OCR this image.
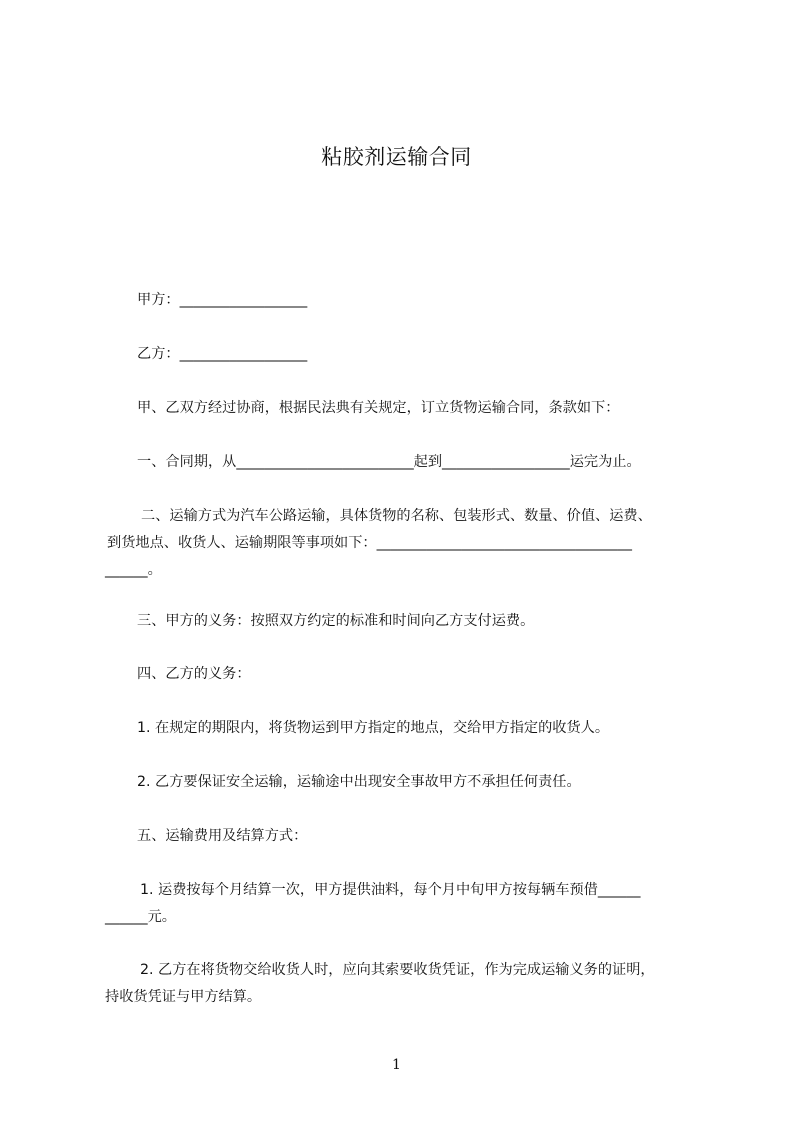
粘胶剂运输合同
甲方：__________________
乙方：__________________
甲、乙双方经过协商，根据民法典有关规定，订立货物运输合同，条款如下：
一、合同期，从_________________________起到__________________运完为止。
二、运输方式为汽车公路运输，具体货物的名称、包装形式、数量、价值、运费、
到货地点、收货人、运输期限等事项如下：____________________________________
______。
三、甲方的义务：按照双方约定的标准和时间向乙方支付运费。
四、乙方的义务：
1. 在规定的期限内，将货物运到甲方指定的地点，交给甲方指定的收货人。
2. 乙方要保证安全运输，运输途中出现安全事故甲方不承担任何责任。
五、运输费用及结算方式：
1. 运费按每个月结算一次，甲方提供油料，每个月中旬甲方按每辆车预借______
______元。
2. 乙方在将货物交给收货人时，应向其索要收货凭证，作为完成运输义务的证明，
持收货凭证与甲方结算。
1
